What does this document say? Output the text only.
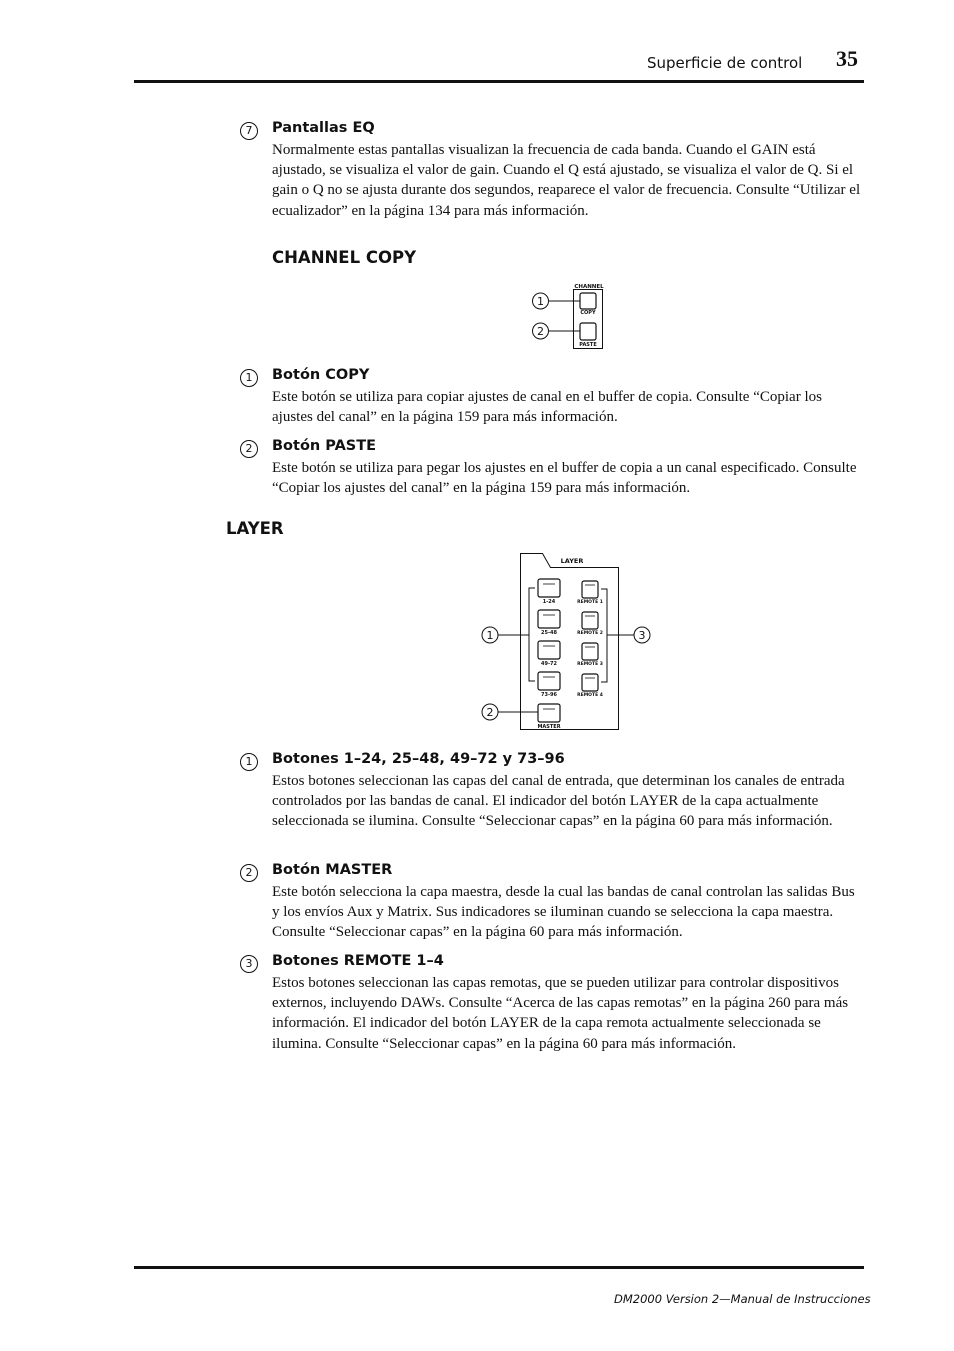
Superficie de control 35
7	Pantallas EQ
Normalmente estas pantallas visualizan la frecuencia de cada banda. Cuando el GAIN está ajustado, se visualiza el valor de gain. Cuando el Q está ajustado, se visualiza el valor de Q. Si el gain o Q no se ajusta durante dos segundos, reaparece el valor de frecuencia. Consulte “Utilizar el ecualizador” en la página 134 para más información.
CHANNEL COPY
CHANNEL
COPY
PASTE
1
2
1	Botón COPY
Este botón se utiliza para copiar ajustes de canal en el buffer de copia. Consulte “Copiar los ajustes del canal” en la página 159 para más información.
2	Botón PASTE
Este botón se utiliza para pegar los ajustes en el buffer de copia a un canal especificado. Consulte “Copiar los ajustes del canal” en la página 159 para más información.
LAYER
LAYER
1-24
25-48
49-72
73-96
MASTER
REMOTE 1
REMOTE 2
REMOTE 3
REMOTE 4
1
2
3
1	Botones 1–24, 25–48, 49–72 y 73–96
Estos botones seleccionan las capas del canal de entrada, que determinan los canales de entrada controlados por las bandas de canal. El indicador del botón LAYER de la capa actualmente seleccionada se ilumina. Consulte “Seleccionar capas” en la página 60 para más información.
2	Botón MASTER
Este botón selecciona la capa maestra, desde la cual las bandas de canal controlan las salidas Bus y los envíos Aux y Matrix. Sus indicadores se iluminan cuando se selecciona la capa maestra. Consulte “Seleccionar capas” en la página 60 para más información.
3	Botones REMOTE 1–4
Estos botones seleccionan las capas remotas, que se pueden utilizar para controlar dispositivos externos, incluyendo DAWs. Consulte “Acerca de las capas remotas” en la página 260 para más información. El indicador del botón LAYER de la capa remota actualmente seleccionada se ilumina. Consulte “Seleccionar capas” en la página 60 para más información.
DM2000 Version 2—Manual de Instrucciones
